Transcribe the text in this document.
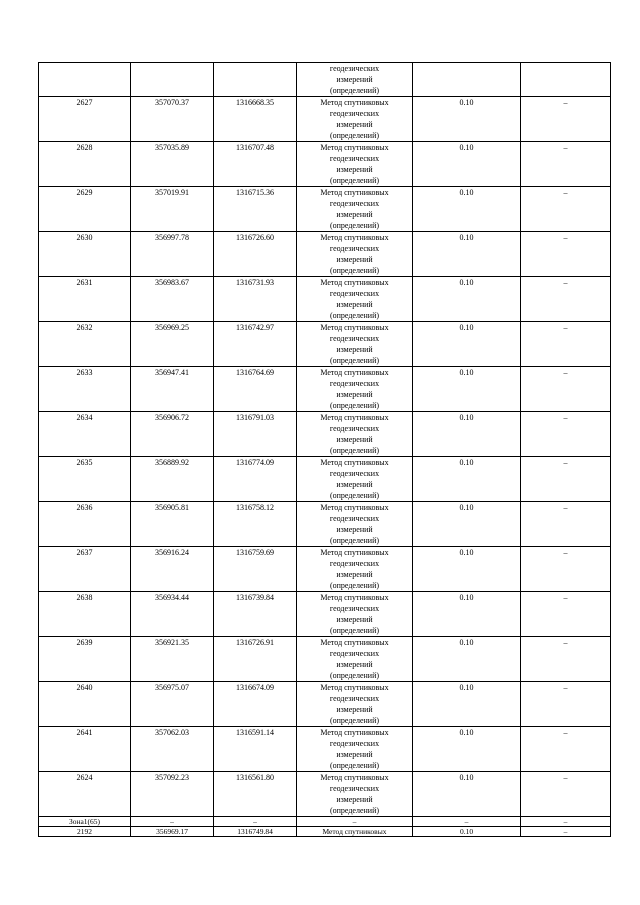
			геодезических
измерений
(определений)		

2627	357070.37	1316668.35	Метод спутниковых
геодезических
измерений
(определений)	0.10	–
2628	357035.89	1316707.48	Метод спутниковых
геодезических
измерений
(определений)	0.10	–
2629	357019.91	1316715.36	Метод спутниковых
геодезических
измерений
(определений)	0.10	–
2630	356997.78	1316726.60	Метод спутниковых
геодезических
измерений
(определений)	0.10	–
2631	356983.67	1316731.93	Метод спутниковых
геодезических
измерений
(определений)	0.10	–
2632	356969.25	1316742.97	Метод спутниковых
геодезических
измерений
(определений)	0.10	–
2633	356947.41	1316764.69	Метод спутниковых
геодезических
измерений
(определений)	0.10	–
2634	356906.72	1316791.03	Метод спутниковых
геодезических
измерений
(определений)	0.10	–
2635	356889.92	1316774.09	Метод спутниковых
геодезических
измерений
(определений)	0.10	–
2636	356905.81	1316758.12	Метод спутниковых
геодезических
измерений
(определений)	0.10	–
2637	356916.24	1316759.69	Метод спутниковых
геодезических
измерений
(определений)	0.10	–
2638	356934.44	1316739.84	Метод спутниковых
геодезических
измерений
(определений)	0.10	–
2639	356921.35	1316726.91	Метод спутниковых
геодезических
измерений
(определений)	0.10	–
2640	356975.07	1316674.09	Метод спутниковых
геодезических
измерений
(определений)	0.10	–
2641	357062.03	1316591.14	Метод спутниковых
геодезических
измерений
(определений)	0.10	–
2624	357092.23	1316561.80	Метод спутниковых
геодезических
измерений
(определений)	0.10	–
Зона1(65)	–	–	–	–	–
2192	356969.17	1316749.84	Метод спутниковых	0.10	–
